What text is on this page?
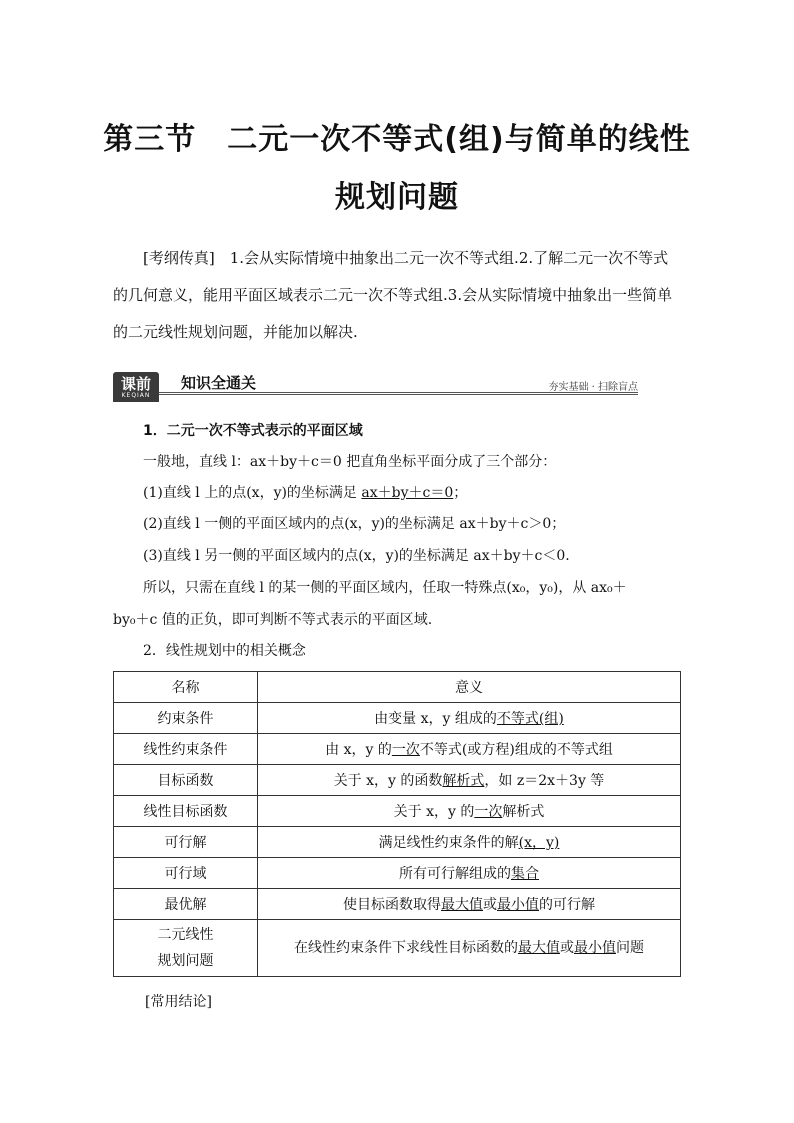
第三节　二元一次不等式(组)与简单的线性
规划问题
[考纲传真]　 1.会从实际情境中抽象出二元一次不等式组.2.了解二元一次不等式的几何意义，能用平面区域表示二元一次不等式组.3.会从实际情境中抽象出一些简单的二元线性规划问题，并能加以解决.
课前
KEQIAN
知识全通关	夯实基础 · 扫除盲点
1．二元一次不等式表示的平面区域
一般地，直线 l：ax＋by＋c＝0 把直角坐标平面分成了三个部分：
(1)直线 l 上的点(x，y)的坐标满足 ax＋by＋c＝0；
(2)直线 l 一侧的平面区域内的点(x，y)的坐标满足 ax＋by＋c＞0；
(3)直线 l 另一侧的平面区域内的点(x，y)的坐标满足 ax＋by＋c＜0.
所以，只需在直线 l 的某一侧的平面区域内，任取一特殊点(x₀，y₀)，从 ax₀＋
by₀＋c 值的正负，即可判断不等式表示的平面区域.
2．线性规划中的相关概念
名称	意义
约束条件	由变量 x，y 组成的不等式(组)
线性约束条件	由 x，y 的一次不等式(或方程)组成的不等式组
目标函数	关于 x，y 的函数解析式，如 z＝2x＋3y 等
线性目标函数	关于 x，y 的一次解析式
可行解	满足线性约束条件的解(x，y)
可行域	所有可行解组成的集合
最优解	使目标函数取得最大值或最小值的可行解
二元线性
规划问题	在线性约束条件下求线性目标函数的最大值或最小值问题
[常用结论]
